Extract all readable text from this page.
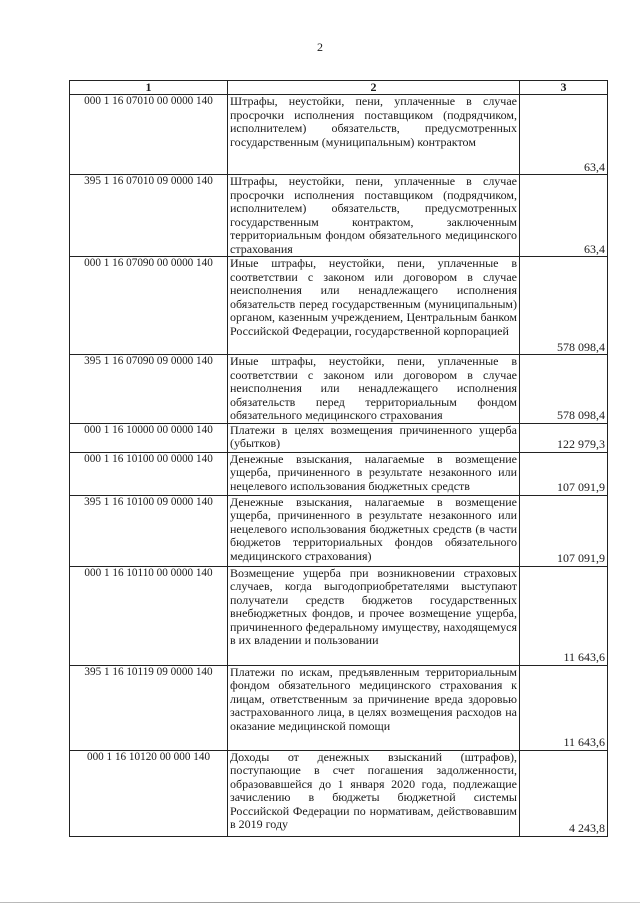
2
1	2	3
000 1 16 07010 00 0000 140	Штрафы, неустойки, пени, уплаченные в случае просрочки исполнения поставщиком (подрядчиком, исполнителем) обязательств, предусмотренных государственным (муниципальным) контрактом	63,4
395 1 16 07010 09 0000 140	Штрафы, неустойки, пени, уплаченные в случае просрочки исполнения поставщиком (подрядчиком, исполнителем) обязательств, предусмотренных государственным контрактом, заключенным территориальным фондом обязательного медицинского страхования	63,4
000 1 16 07090 00 0000 140	Иные штрафы, неустойки, пени, уплаченные в соответствии с законом или договором в случае неисполнения или ненадлежащего исполнения обязательств перед государственным (муниципальным) органом, казенным учреждением, Центральным банком Российской Федерации, государственной корпорацией	578 098,4
395 1 16 07090 09 0000 140	Иные штрафы, неустойки, пени, уплаченные в соответствии с законом или договором в случае неисполнения или ненадлежащего исполнения обязательств перед территориальным фондом обязательного медицинского страхования	578 098,4
000 1 16 10000 00 0000 140	Платежи в целях возмещения причиненного ущерба (убытков)	122 979,3
000 1 16 10100 00 0000 140	Денежные взыскания, налагаемые в возмещение ущерба, причиненного в результате незаконного или нецелевого использования бюджетных средств	107 091,9
395 1 16 10100 09 0000 140	Денежные взыскания, налагаемые в возмещение ущерба, причиненного в результате незаконного или нецелевого использования бюджетных средств (в части бюджетов территориальных фондов обязательного медицинского страхования)	107 091,9
000 1 16 10110 00 0000 140	Возмещение ущерба при возникновении страховых случаев, когда выгодоприобретателями выступают получатели средств бюджетов государственных внебюджетных фондов, и прочее возмещение ущерба, причиненного федеральному имуществу, находящемуся в их владении и пользовании	11 643,6
395 1 16 10119 09 0000 140	Платежи по искам, предъявленным территориальным фондом обязательного медицинского страхования к лицам, ответственным за причинение вреда здоровью застрахованного лица, в целях возмещения расходов на оказание медицинской помощи	11 643,6
000 1 16 10120 00 000 140	Доходы от денежных взысканий (штрафов), поступающие в счет погашения задолженности, образовавшейся до 1 января 2020 года, подлежащие зачислению в бюджеты бюджетной системы Российской Федерации по нормативам, действовавшим в 2019 году	4 243,8
